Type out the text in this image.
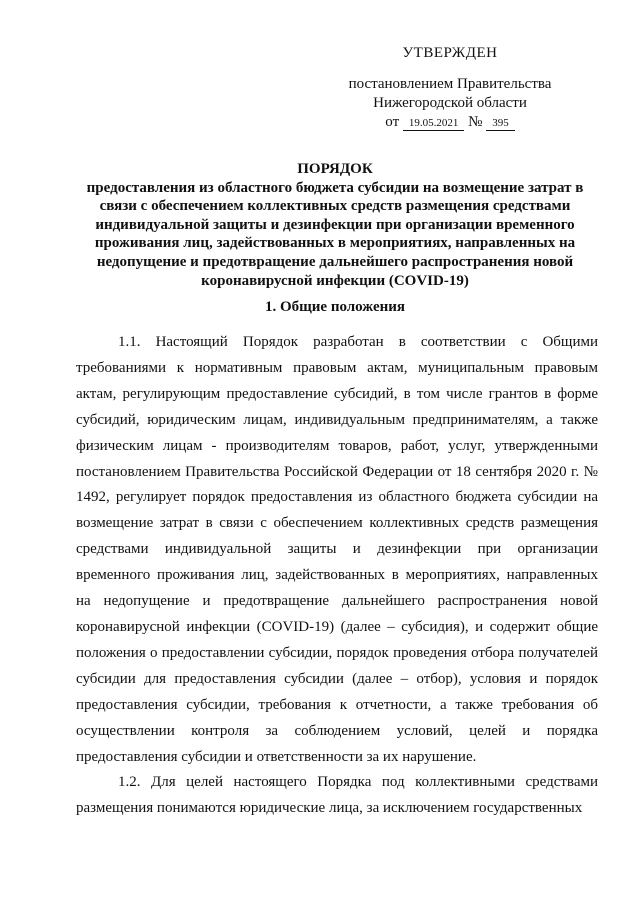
УТВЕРЖДЕН
постановлением Правительства
Нижегородской области
от 19.05.2021 № 395
ПОРЯДОК
предоставления из областного бюджета субсидии на возмещение затрат в связи с обеспечением коллективных средств размещения средствами индивидуальной защиты и дезинфекции при организации временного проживания лиц, задействованных в мероприятиях, направленных на недопущение и предотвращение дальнейшего распространения новой коронавирусной инфекции (COVID-19)
1. Общие положения

1.1. Настоящий Порядок разработан в соответствии с Общими требованиями к нормативным правовым актам, муниципальным правовым актам, регулирующим предоставление субсидий, в том числе грантов в форме субсидий, юридическим лицам, индивидуальным предпринимателям, а также физическим лицам - производителям товаров, работ, услуг, утвержденными постановлением Правительства Российской Федерации от 18 сентября 2020 г. № 1492, регулирует порядок предоставления из областного бюджета субсидии на возмещение затрат в связи с обеспечением коллективных средств размещения средствами индивидуальной защиты и дезинфекции при организации временного проживания лиц, задействованных в мероприятиях, направленных на недопущение и предотвращение дальнейшего распространения новой коронавирусной инфекции (COVID-19) (далее – субсидия), и содержит общие положения о предоставлении субсидии, порядок проведения отбора получателей субсидии для предоставления субсидии (далее – отбор), условия и порядок предоставления субсидии, требования к отчетности, а также требования об осуществлении контроля за соблюдением условий, целей и порядка предоставления субсидии и ответственности за их нарушение.

1.2. Для целей настоящего Порядка под коллективными средствами размещения понимаются юридические лица, за исключением государственных
